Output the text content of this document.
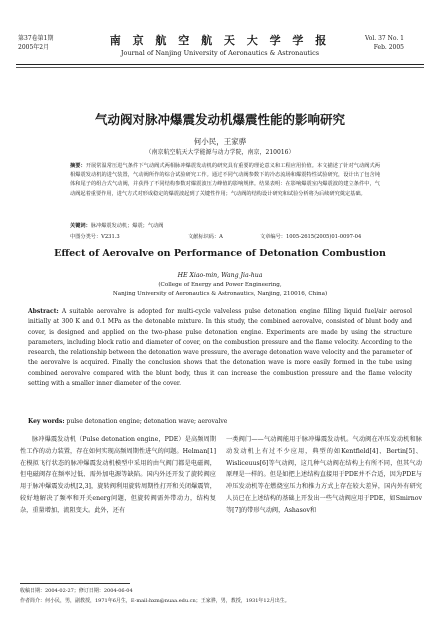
第37卷第1期
2005年2月
南 京 航 空 航 天 大 学 学 报
Journal of Nanjing University of Aeronautics & Astronautics
Vol. 37 No. 1
Feb. 2005
气动阀对脉冲爆震发动机爆震性能的影响研究
何小民，王家骅
（南京航空航天大学能源与动力学院，南京，210016）
摘要：开展常温常压进气条件下气动阀式两相脉冲爆震发动机的研究具有重要的理论意义和工程应用价值。本文描述了针对气动阀式两相爆震发动机的进气装置，气动阀所作的综合试验研究工作。通过不同气动阀参数下的冷态流场和爆震特性试验研究，设计出了包含钝体和尾子的组合式气动阀，并获得了不同结构参数对爆震波压力峰值的影响规律。结果表明：在影响爆震室内爆震波的建立条件中，气动阀起着重要作用，进气方式对形成稳定的爆震波起到了关键性作用；气动阀的结构设计研究和试验分析将为后续研究奠定基础。
关键词：脉冲爆震发动机；爆震；气动阀
中图分类号：V231.3	文献标识码：A	文章编号：1005-2615(2005)01-0097-04
Effect of Aerovalve on Performance of Detonation Combustion
HE Xiao-min, Wang Jia-hua
(College of Energy and Power Engineering,
Nanjing University of Aeronautics & Astronautics, Nanjing, 210016, China)
Abstract: A suitable aerovalve is adopted for multi-cycle valveless pulse detonation engine filling liquid fuel/air aerosol initially at 300 K and 0.1 MPa as the detonable mixture. In this study, the combined aerovalve, consisted of blunt body and cover, is designed and applied on the two-phase pulse detonation engine. Experiments are made by using the structure parameters, including block ratio and diameter of cover, on the combustion pressure and the flame velocity. According to the research, the relationship between the detonation wave pressure, the average detonation wave velocity and the parameter of the aerovalve is acquired. Finally the conclusion shows that the detonation wave is more easily formed in the tube using combined aerovalve compared with the blunt body, thus it can increase the combustion pressure and the flame velocity setting with a smaller inner diameter of the cover.
Key words: pulse detonation engine; detonation wave; aerovalve

脉冲爆震发动机（Pulse detonation engine，PDE）是高频周期性工作的动力装置，存在如何实现高频周期性进气的问题。Helman[1]在模拟飞行状态的脉冲爆震发动机模型中采用的由气阀门都是电磁阀，但电磁阀存在频率过低、需外加电源等缺陷。国内外还开发了旋转阀应用于脉冲爆震发动机[2,3]，旋转阀利用旋转周期性打开和关闭爆震管，较好地解决了频率和开关energ问题，但旋转阀需外带动力，结构复杂，重量增加，流阻变大。此外，还有

一类阀门——气动阀能用于脉冲爆震发动机。气动阀在冲压发动机和脉动发动机上有过不少应用，典型的如Kentfield[4]、Bertin[5]、Wisliceuus[6]等气动阀，这几种气动阀在结构上有所不同，但其气动原理是一样的。但是如把上述结构直接用于PDE并不合适，因为PDE与冲压发动机等在燃烧室压力和推力方式上存在较大差异，国内外有研究人员已在上述结构的基础上开发出一些气动阀应用于PDE，如Smirnov等[7]的带形气动阀，Ashasov和

收稿日期：2004-02-27；修订日期：2004-06-04
作者简介：何小民，男，副教授，1971年6月生，E-mail:hxm@nuaa.edu.cn；王家骅，男，教授，1931年12月出生。
